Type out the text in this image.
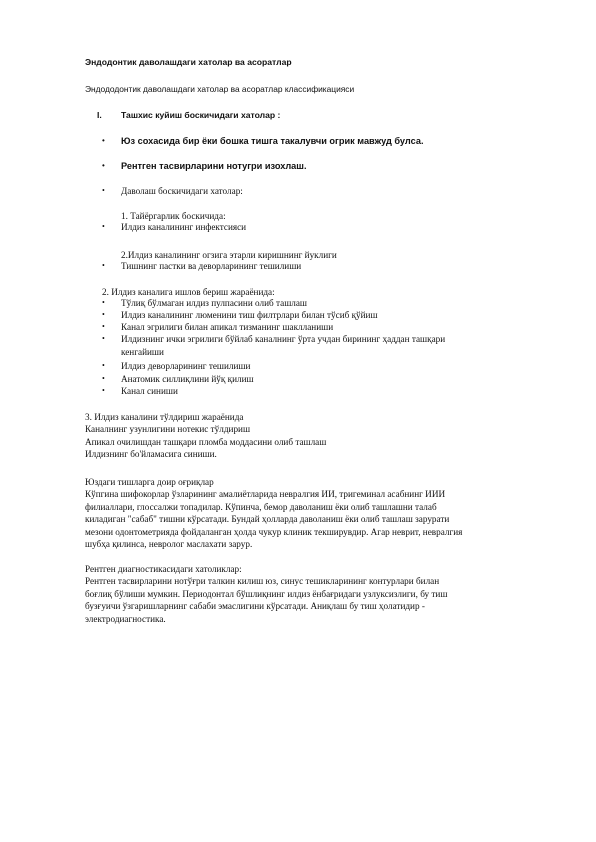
Эндодонтик даволашдаги хатолар ва асоратлар
Эндододонтик даволашдаги хатолар ва асоратлар классификацияси
I. Ташхис куйиш боскичидаги хатолар :
• Юз сохасида бир ёки бошка тишга такалувчи огрик мавжуд булса.
• Рентген тасвирларини нотугри изохлаш.
• Даволаш боскичидаги хатолар:
1. Тайёргарлик боскичида:
• Илдиз каналининг инфектсияси
2.Илдиз каналининг огзига этарли киришнинг йуклиги
• Тишнинг пастки ва деворларининг тешилиши
2. Илдиз каналига ишлов бериш жараёнида:
• Тўлиқ бўлмаган илдиз пулпасини олиб ташлаш
• Илдиз каналининг люменини тиш филтрлари билан тўсиб қўйиш
• Канал эгрилиги билан апикал тизманинг шаклланиши
• Илдизнинг ички эгрилиги бўйлаб каналнинг ўрта учдан бирининг ҳаддан ташқари
кенгайиши
• Илдиз деворларининг тешилиши
• Анатомик силлиқлини йўқ қилиш
• Канал синиши
3. Илдиз каналини тўлдириш жараёнида
Каналнинг узунлигини нотекис тўлдириш
Апикал очилишдан ташқари пломба моддасини олиб ташлаш
Илдизнинг бо'йламасига синиши.
Юздаги тишларга доир оғриқлар
Кўпгина шифокорлар ўзларининг амалиётларида невралгия ИИ, тригеминал асабнинг ИИИ
филиаллари, глоссалжи топадилар. Кўпинча, бемор даволаниш ёки олиб ташлашни талаб
киладиган "сабаб" тишни кўрсатади. Бундай ҳолларда даволаниш ёки олиб ташлаш зарурати
мезони одонтометрияда фойдаланган ҳолда чукур клиник текширувдир. Агар неврит, невралгия
шубҳа қилинса, невролог маслахати зарур.
Рентген диагностикасидаги хатоликлар:
Рентген тасвирларини нотўғри талкин килиш юз, синус тешикларининг контурлари билан
боғлиқ бўлиши мумкин. Периодонтал бўшлиқнинг илдиз ёнбағридаги узлуксизлиги, бу тиш
бузғуичи ўзгаришларнинг сабаби эмаслигини кўрсатади. Аниқлаш бу тиш ҳолатидир -
электродиагностика.
